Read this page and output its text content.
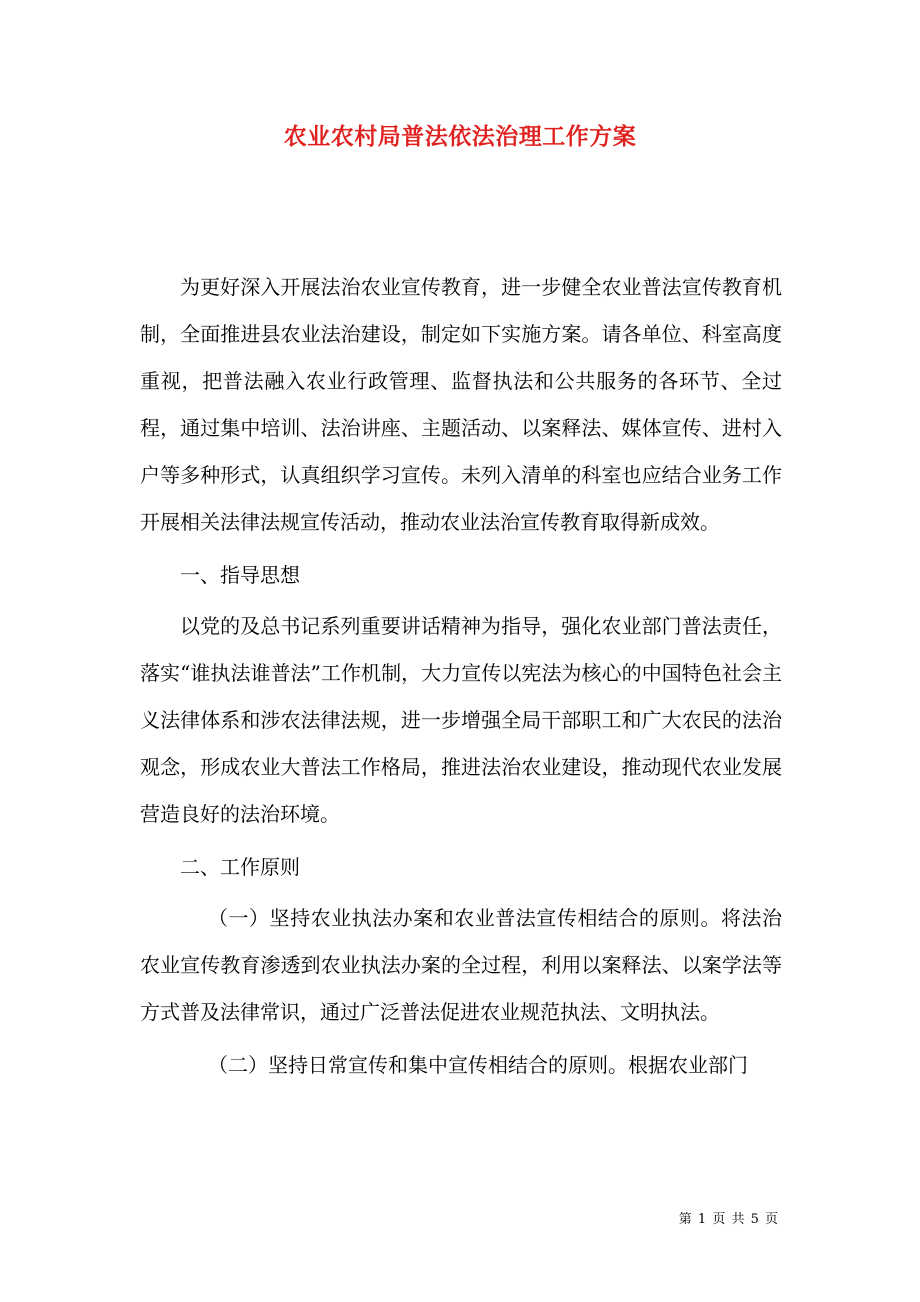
农业农村局普法依法治理工作方案

为更好深入开展法治农业宣传教育，进一步健全农业普法宣传教育机制，全面推进县农业法治建设，制定如下实施方案。请各单位、科室高度重视，把普法融入农业行政管理、监督执法和公共服务的各环节、全过程，通过集中培训、法治讲座、主题活动、以案释法、媒体宣传、进村入户等多种形式，认真组织学习宣传。未列入清单的科室也应结合业务工作开展相关法律法规宣传活动，推动农业法治宣传教育取得新成效。

一、指导思想

以党的及总书记系列重要讲话精神为指导，强化农业部门普法责任，落实“谁执法谁普法”工作机制，大力宣传以宪法为核心的中国特色社会主义法律体系和涉农法律法规，进一步增强全局干部职工和广大农民的法治观念，形成农业大普法工作格局，推进法治农业建设，推动现代农业发展营造良好的法治环境。

二、工作原则

（一）坚持农业执法办案和农业普法宣传相结合的原则。将法治农业宣传教育渗透到农业执法办案的全过程，利用以案释法、以案学法等方式普及法律常识，通过广泛普法促进农业规范执法、文明执法。

（二）坚持日常宣传和集中宣传相结合的原则。根据农业部门

第 1 页 共 5 页
